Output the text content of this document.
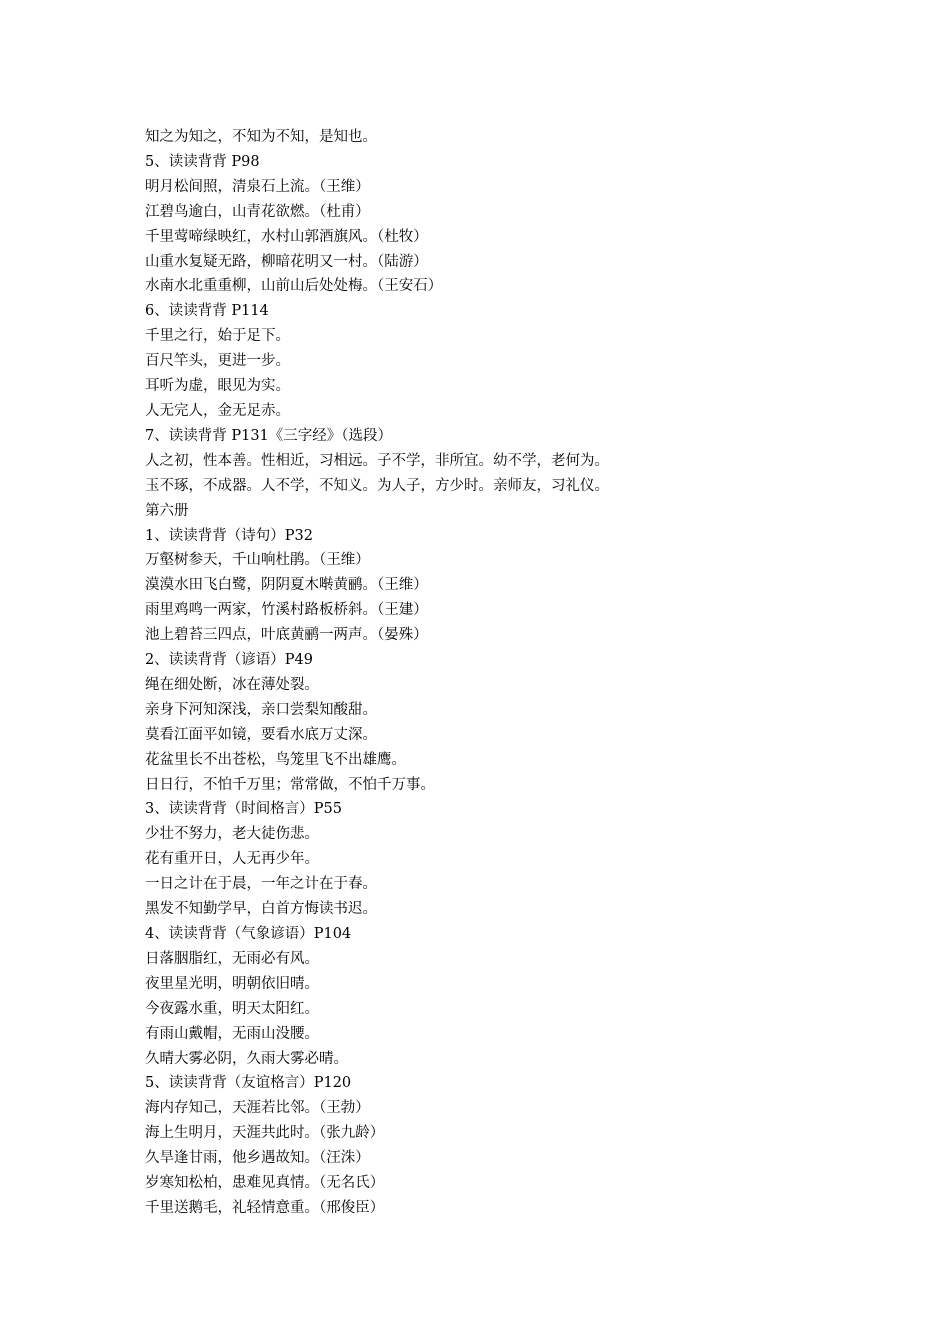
知之为知之，不知为不知，是知也。

5、读读背背 P98

明月松间照，清泉石上流。（王维）

江碧鸟逾白，山青花欲燃。（杜甫）

千里莺啼绿映红，水村山郭酒旗风。（杜牧）

山重水复疑无路，柳暗花明又一村。（陆游）

水南水北重重柳，山前山后处处梅。（王安石）

6、读读背背 P114

千里之行，始于足下。

百尺竿头，更进一步。

耳听为虚，眼见为实。

人无完人，金无足赤。

7、读读背背 P131《三字经》（选段）

人之初，性本善。性相近，习相远。子不学，非所宜。幼不学，老何为。

玉不琢，不成器。人不学，不知义。为人子，方少时。亲师友，习礼仪。

第六册

1、读读背背（诗句）P32

万壑树参天，千山响杜鹃。（王维）

漠漠水田飞白鹭，阴阴夏木啭黄鹂。（王维）

雨里鸡鸣一两家，竹溪村路板桥斜。（王建）

池上碧苔三四点，叶底黄鹂一两声。（晏殊）

2、读读背背（谚语）P49

绳在细处断，冰在薄处裂。

亲身下河知深浅，亲口尝梨知酸甜。

莫看江面平如镜，要看水底万丈深。

花盆里长不出苍松，鸟笼里飞不出雄鹰。

日日行，不怕千万里；常常做，不怕千万事。

3、读读背背（时间格言）P55

少壮不努力，老大徒伤悲。

花有重开日，人无再少年。

一日之计在于晨，一年之计在于春。

黑发不知勤学早，白首方悔读书迟。

4、读读背背（气象谚语）P104

日落胭脂红，无雨必有风。

夜里星光明，明朝依旧晴。

今夜露水重，明天太阳红。

有雨山戴帽，无雨山没腰。

久晴大雾必阴，久雨大雾必晴。

5、读读背背（友谊格言）P120

海内存知己，天涯若比邻。（王勃）

海上生明月，天涯共此时。（张九龄）

久旱逢甘雨，他乡遇故知。（汪洙）

岁寒知松柏，患难见真情。（无名氏）

千里送鹅毛，礼轻情意重。（邢俊臣）
